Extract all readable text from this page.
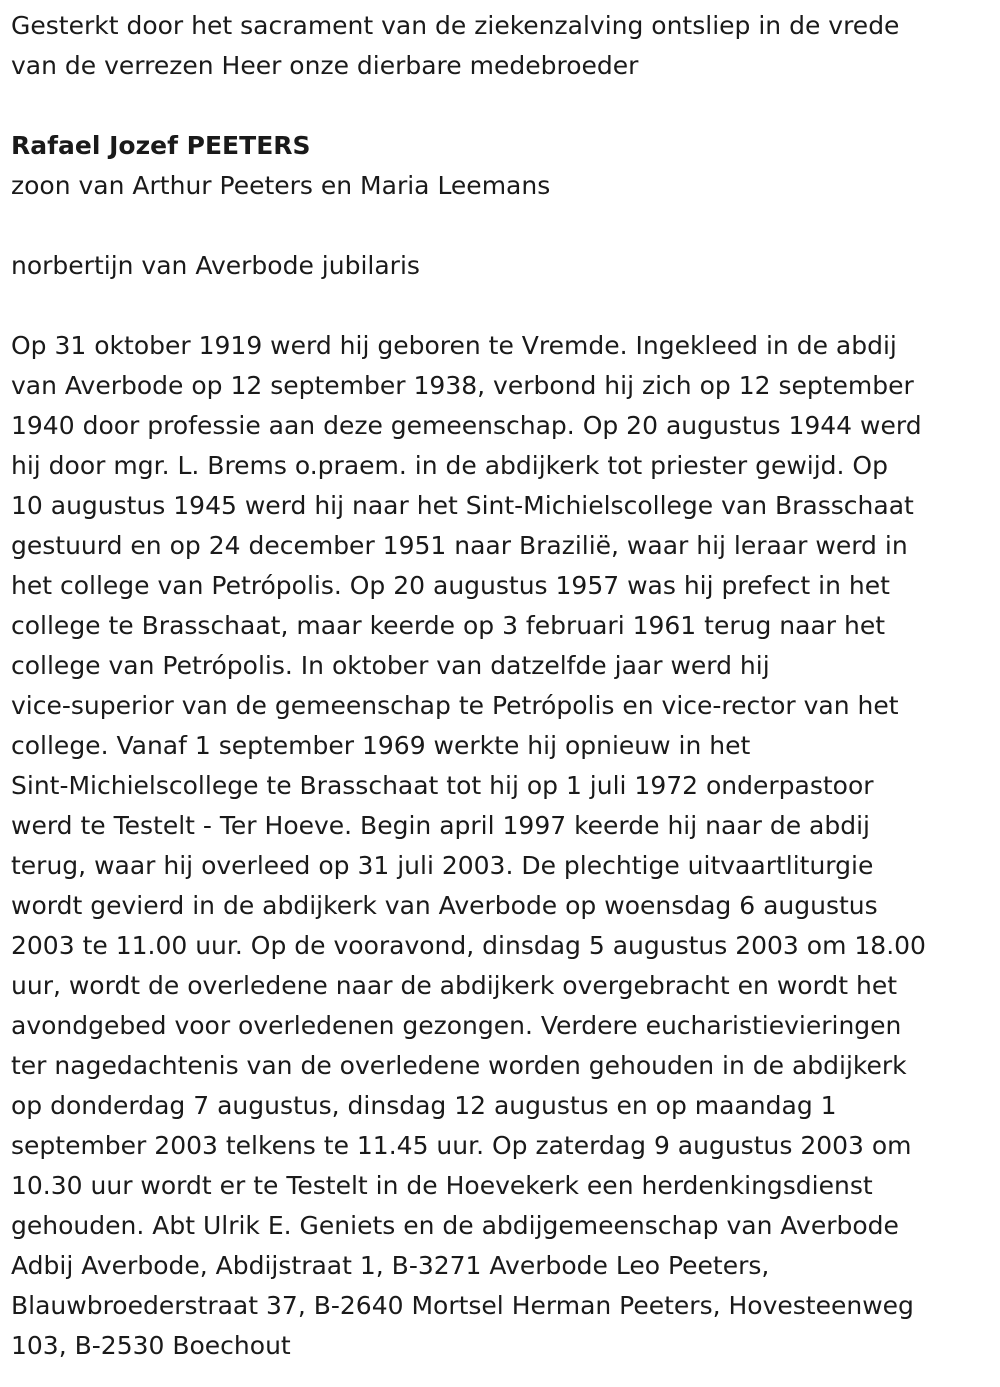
Gesterkt door het sacrament van de ziekenzalving ontsliep in de vrede
van de verrezen Heer onze dierbare medebroeder
Rafael Jozef PEETERS
zoon van Arthur Peeters en Maria Leemans
norbertijn van Averbode jubilaris
Op 31 oktober 1919 werd hij geboren te Vremde. Ingekleed in de abdij
van Averbode op 12 september 1938, verbond hij zich op 12 september
1940 door professie aan deze gemeenschap. Op 20 augustus 1944 werd
hij door mgr. L. Brems o.praem. in de abdijkerk tot priester gewijd. Op
10 augustus 1945 werd hij naar het Sint-Michielscollege van Brasschaat
gestuurd en op 24 december 1951 naar Brazilië, waar hij leraar werd in
het college van Petrópolis. Op 20 augustus 1957 was hij prefect in het
college te Brasschaat, maar keerde op 3 februari 1961 terug naar het
college van Petrópolis. In oktober van datzelfde jaar werd hij
vice-superior van de gemeenschap te Petrópolis en vice-rector van het
college. Vanaf 1 september 1969 werkte hij opnieuw in het
Sint-Michielscollege te Brasschaat tot hij op 1 juli 1972 onderpastoor
werd te Testelt - Ter Hoeve. Begin april 1997 keerde hij naar de abdij
terug, waar hij overleed op 31 juli 2003. De plechtige uitvaartliturgie
wordt gevierd in de abdijkerk van Averbode op woensdag 6 augustus
2003 te 11.00 uur. Op de vooravond, dinsdag 5 augustus 2003 om 18.00
uur, wordt de overledene naar de abdijkerk overgebracht en wordt het
avondgebed voor overledenen gezongen. Verdere eucharistievieringen
ter nagedachtenis van de overledene worden gehouden in de abdijkerk
op donderdag 7 augustus, dinsdag 12 augustus en op maandag 1
september 2003 telkens te 11.45 uur. Op zaterdag 9 augustus 2003 om
10.30 uur wordt er te Testelt in de Hoevekerk een herdenkingsdienst
gehouden. Abt Ulrik E. Geniets en de abdijgemeenschap van Averbode
Adbij Averbode, Abdijstraat 1, B-3271 Averbode Leo Peeters,
Blauwbroederstraat 37, B-2640 Mortsel Herman Peeters, Hovesteenweg
103, B-2530 Boechout
